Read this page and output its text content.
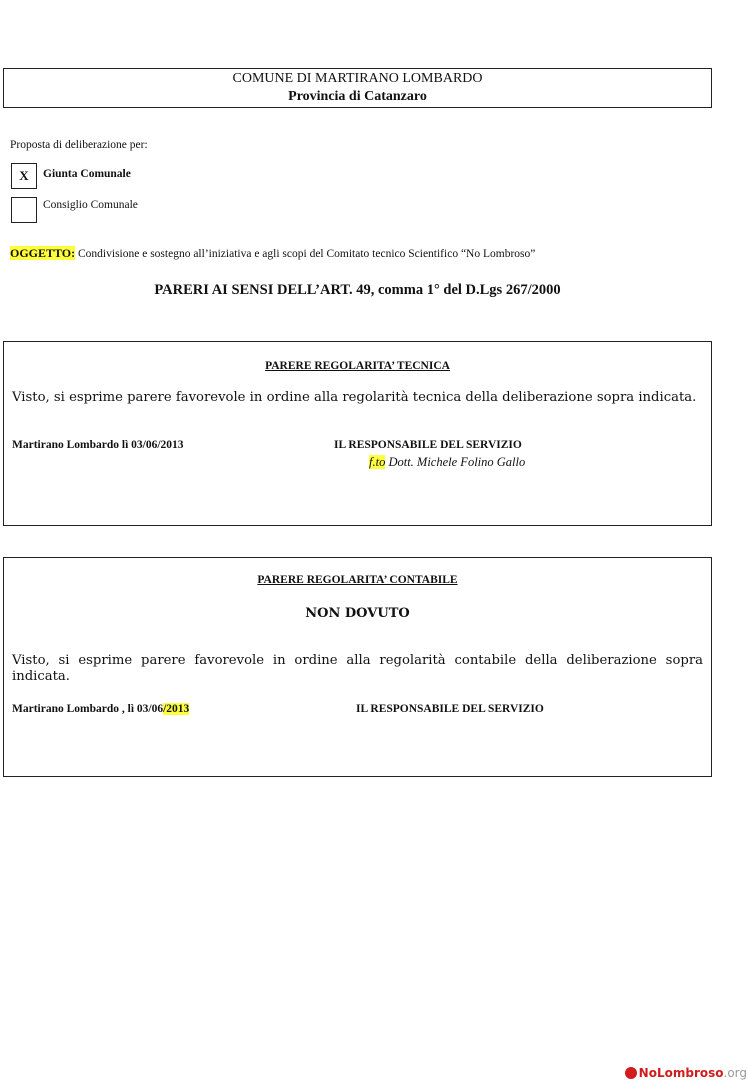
COMUNE DI MARTIRANO LOMBARDO
Provincia di Catanzaro
Proposta di deliberazione per:
X	Giunta Comunale
Consiglio Comunale
OGGETTO: Condivisione e sostegno all’iniziativa e agli scopi del Comitato tecnico Scientifico “No Lombroso”
PARERI AI SENSI DELL’ART. 49, comma 1° del D.Lgs 267/2000
PARERE REGOLARITA’ TECNICA
Visto, si esprime parere favorevole in ordine alla regolarità tecnica della deliberazione sopra indicata.
Martirano Lombardo lì 03/06/2013	IL RESPONSABILE DEL SERVIZIO
f.to Dott. Michele Folino Gallo
PARERE REGOLARITA’ CONTABILE
NON DOVUTO
Visto, si esprime parere favorevole in ordine alla regolarità contabile della deliberazione sopra indicata.
Martirano Lombardo , lì 03/06/2013	IL RESPONSABILE DEL SERVIZIO
NoLombroso.org
